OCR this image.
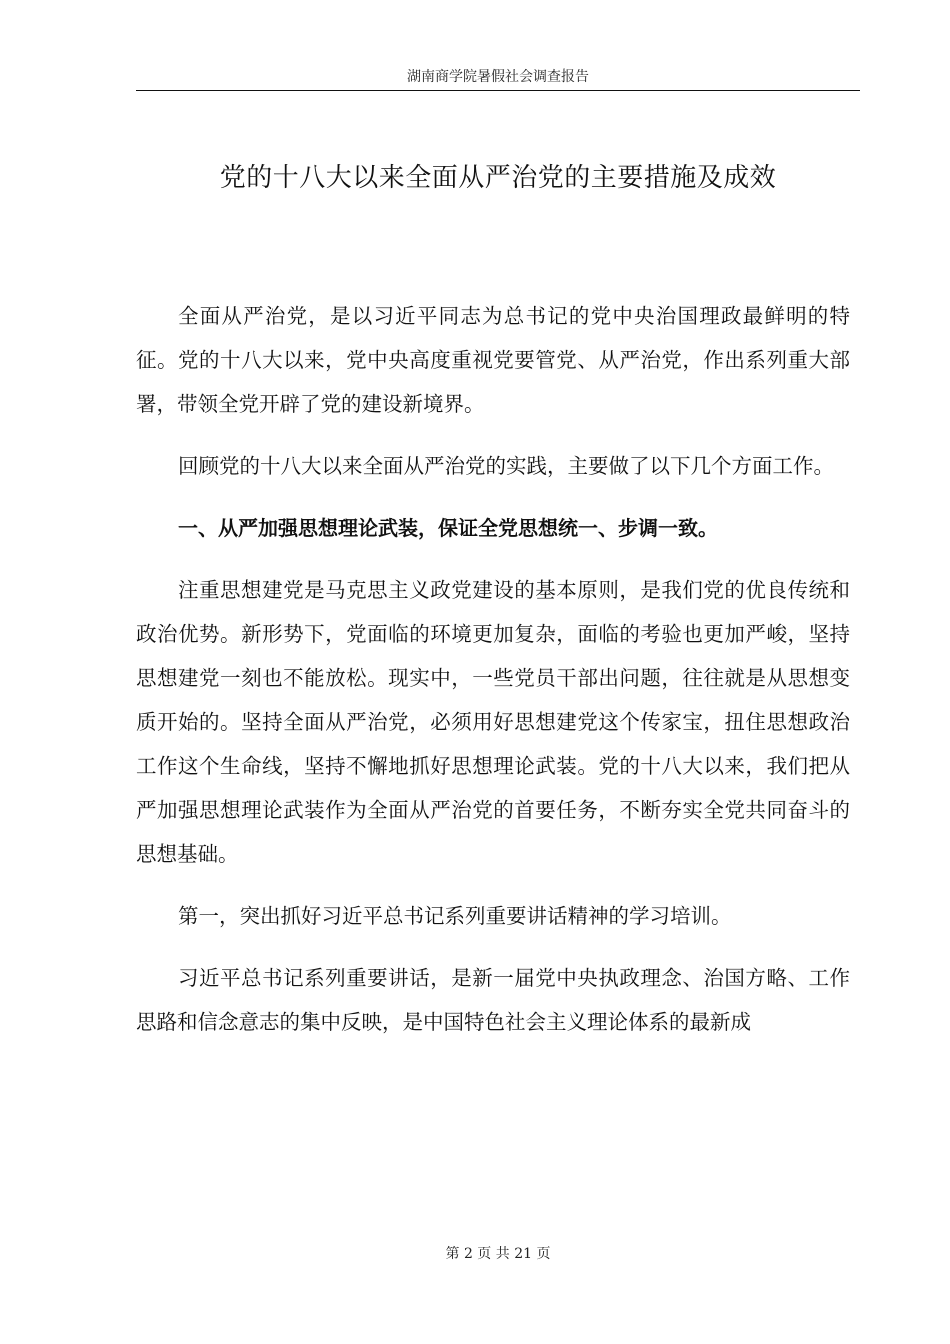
湖南商学院暑假社会调查报告
党的十八大以来全面从严治党的主要措施及成效

全面从严治党，是以习近平同志为总书记的党中央治国理政最鲜明的特征。党的十八大以来，党中央高度重视党要管党、从严治党，作出系列重大部署，带领全党开辟了党的建设新境界。

回顾党的十八大以来全面从严治党的实践，主要做了以下几个方面工作。

一、从严加强思想理论武装，保证全党思想统一、步调一致。

注重思想建党是马克思主义政党建设的基本原则，是我们党的优良传统和政治优势。新形势下，党面临的环境更加复杂，面临的考验也更加严峻，坚持思想建党一刻也不能放松。现实中，一些党员干部出问题，往往就是从思想变质开始的。坚持全面从严治党，必须用好思想建党这个传家宝，扭住思想政治工作这个生命线，坚持不懈地抓好思想理论武装。党的十八大以来，我们把从严加强思想理论武装作为全面从严治党的首要任务，不断夯实全党共同奋斗的思想基础。

第一，突出抓好习近平总书记系列重要讲话精神的学习培训。

习近平总书记系列重要讲话，是新一届党中央执政理念、治国方略、工作思路和信念意志的集中反映，是中国特色社会主义理论体系的最新成

第 2 页 共 21 页
